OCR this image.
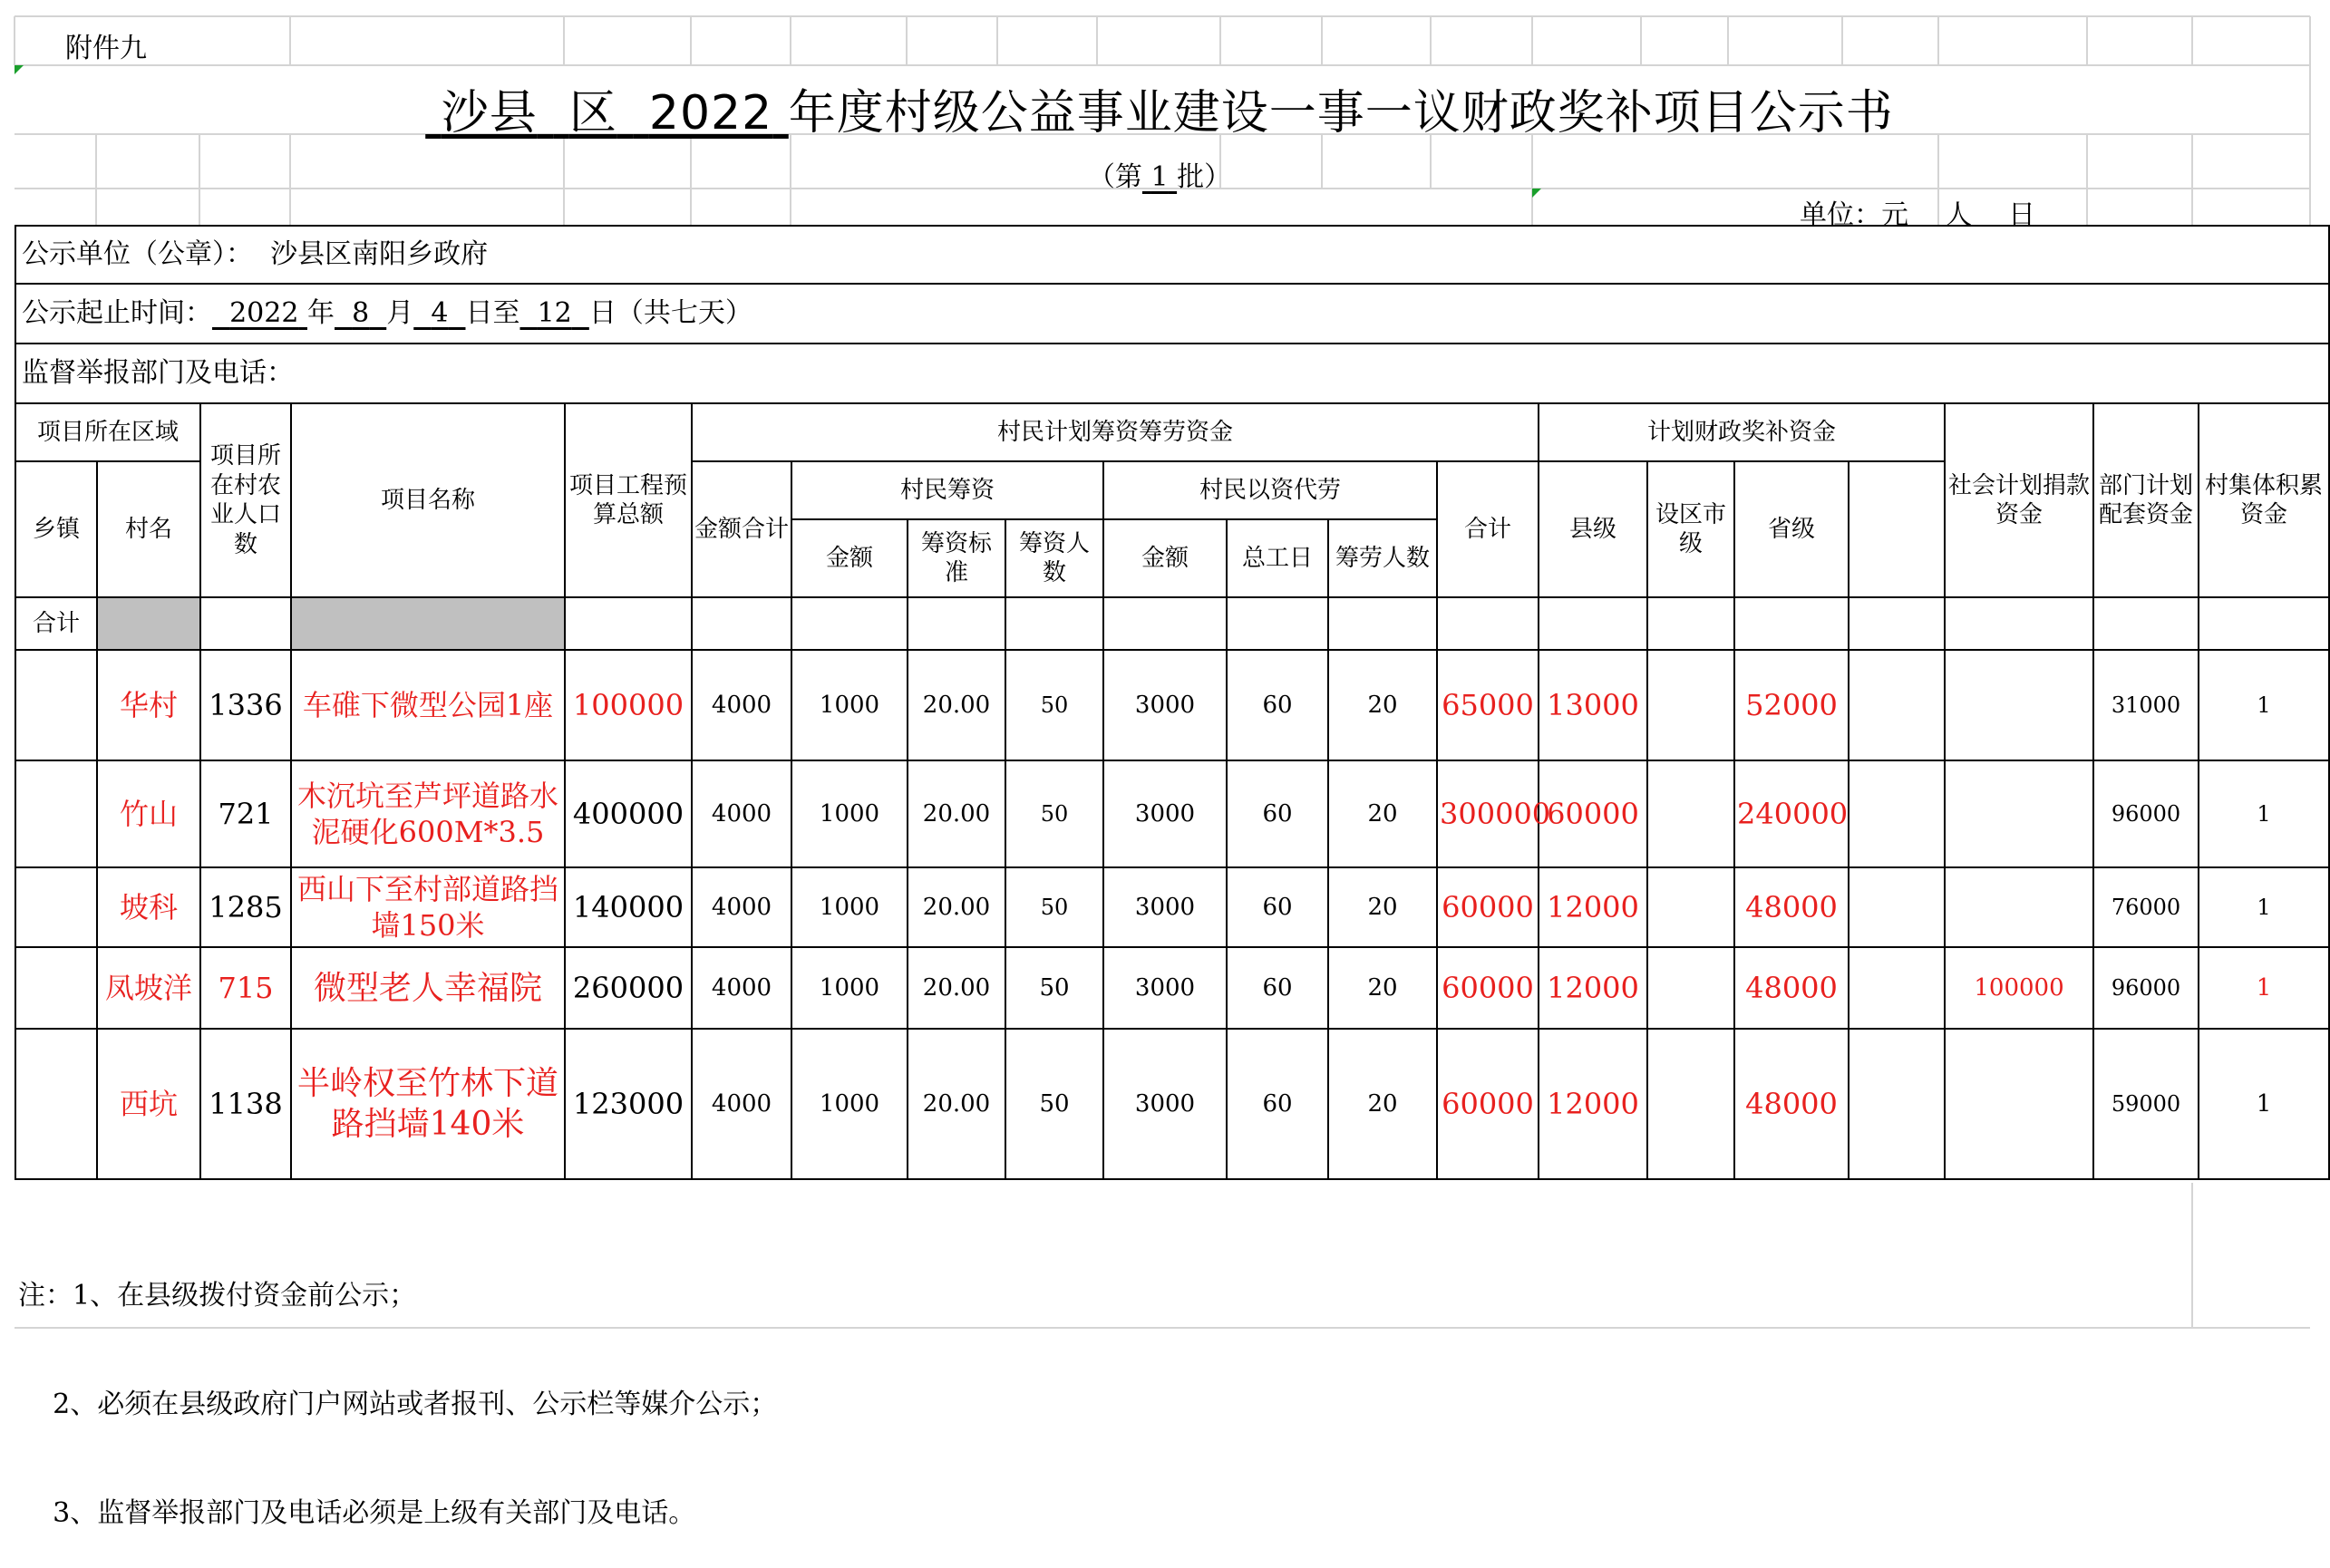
附件九
沙县 区 2022 年度村级公益事业建设一事一议财政奖补项目公示书
（第 1 批）
单位：元 人 日
公示单位（公章）： 沙县区南阳乡政府																				
公示起止时间： 2022 年 8 月 4 日至 12 日（共七天）																				
监督举报部门及电话：																				
项目所在区域		项目所在村农业人口数	项目名称	项目工程预算总额	村民计划筹资筹劳资金								计划财政奖补资金				社会计划捐款资金	部门计划配套资金	村集体积累资金	
乡镇	村名				金额合计	村民筹资			村民以资代劳			合计	县级	设区市级	省级					
						金额	筹资标准	筹资人数	金额	总工日	筹劳人数									
合计																				
	华村	1336	车碓下微型公园1座	100000	4000	1000	20.00	50	3000	60	20	65000	13000		52000			31000	1	
	竹山	721	木沉坑至芦坪道路水泥硬化600M*3.5	400000	4000	1000	20.00	50	3000	60	20	300000	60000		240000			96000	1	
	坡科	1285	西山下至村部道路挡墙150米	140000	4000	1000	20.00	50	3000	60	20	60000	12000		48000			76000	1	
	凤坡洋	715	微型老人幸福院	260000	4000	1000	20.00	50	3000	60	20	60000	12000		48000		100000	96000	1	
	西坑	1138	半岭权至竹林下道路挡墙140米	123000	4000	1000	20.00	50	3000	60	20	60000	12000		48000			59000	1	

注：1、在县级拨付资金前公示；

2、必须在县级政府门户网站或者报刊、公示栏等媒介公示；

3、监督举报部门及电话必须是上级有关部门及电话。
